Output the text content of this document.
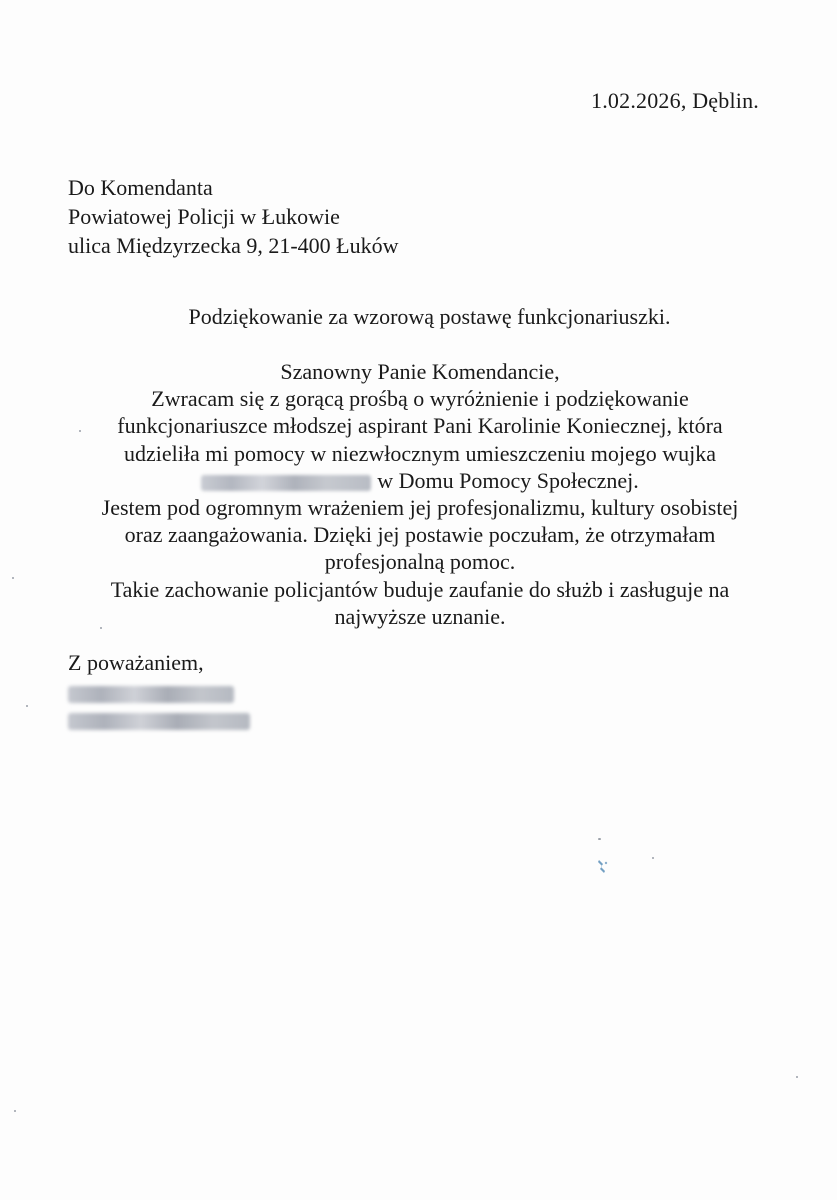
1.02.2026, Dęblin.
Do Komendanta
Powiatowej Policji w Łukowie
ulica Międzyrzecka 9, 21-400 Łuków
Podziękowanie za wzorową postawę funkcjonariuszki.
Szanowny Panie Komendancie,
Zwracam się z gorącą prośbą o wyróżnienie i podziękowanie
funkcjonariuszce młodszej aspirant Pani Karolinie Koniecznej, która
udzieliła mi pomocy w niezwłocznym umieszczeniu mojego wujka
w Domu Pomocy Społecznej.
Jestem pod ogromnym wrażeniem jej profesjonalizmu, kultury osobistej
oraz zaangażowania. Dzięki jej postawie poczułam, że otrzymałam
profesjonalną pomoc.
Takie zachowanie policjantów buduje zaufanie do służb i zasługuje na
najwyższe uznanie.
Z poważaniem,
